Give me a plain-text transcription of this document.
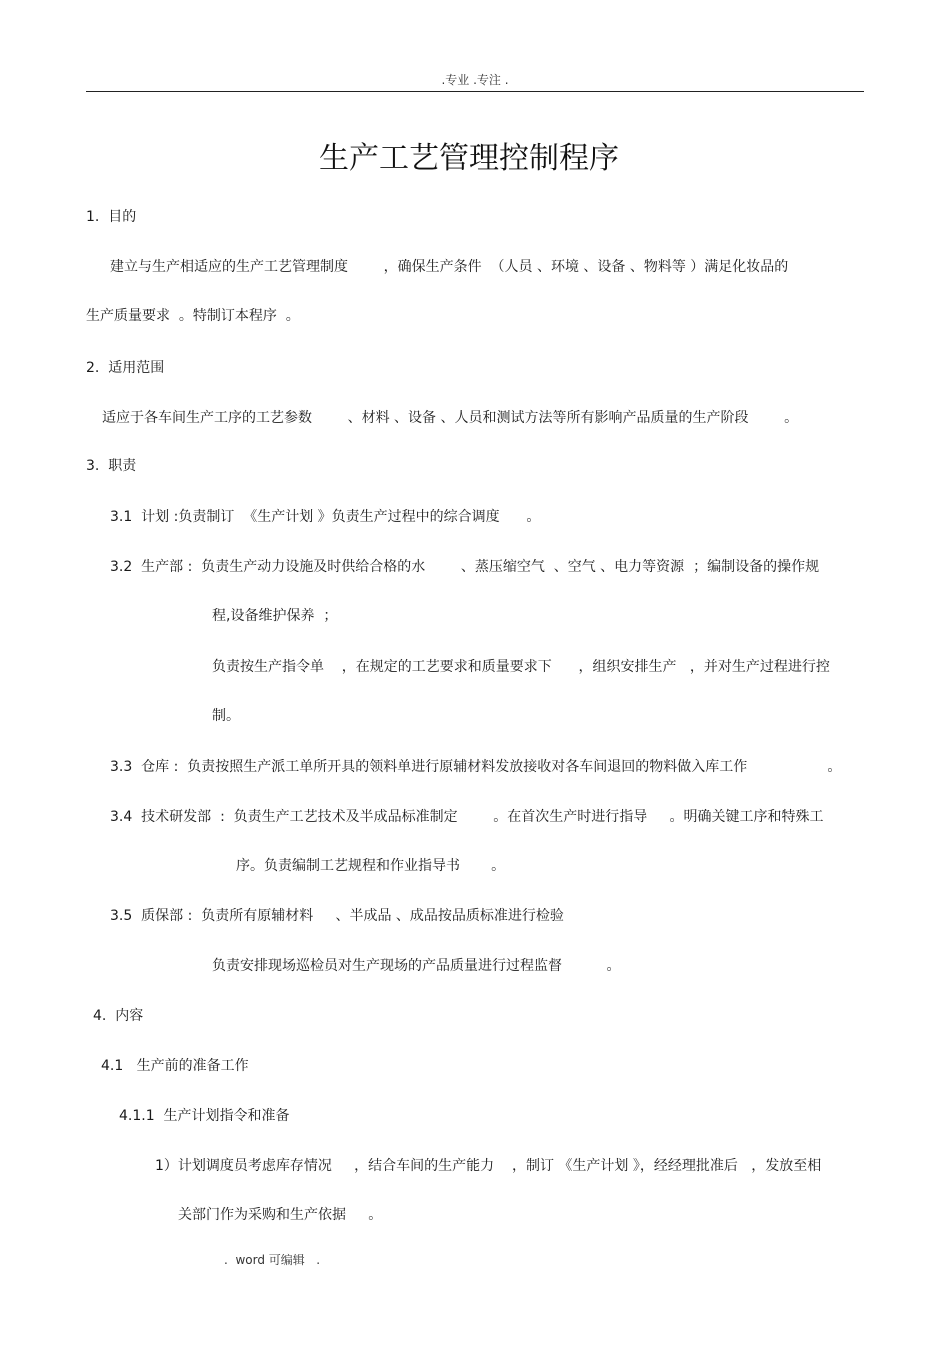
.专业 .专注 .
生产工艺管理控制程序
1.  目的
建立与生产相适应的生产工艺管理制度        ，确保生产条件  （人员 、环境 、设备 、物料等 ）满足化妆品的
生产质量要求  。特制订本程序  。
2.  适用范围
适应于各车间生产工序的工艺参数        、材料 、设备 、人员和测试方法等所有影响产品质量的生产阶段        。
3.  职责
3.1  计划 :负责制订  《生产计划 》负责生产过程中的综合调度      。
3.2  生产部 :  负责生产动力设施及时供给合格的水        、蒸压缩空气  、空气 、电力等资源  ；编制设备的操作规
程,设备维护保养  ；
负责按生产指令单    ，在规定的工艺要求和质量要求下      ，组织安排生产   ，并对生产过程进行控
制。
3.3  仓库 :  负责按照生产派工单所开具的领料单进行原辅材料发放接收对各车间退回的物料做入库工作                  。
3.4  技术研发部  :  负责生产工艺技术及半成品标准制定        。在首次生产时进行指导     。明确关键工序和特殊工
序。负责编制工艺规程和作业指导书       。
3.5  质保部 :  负责所有原辅材料     、半成品 、成品按品质标准进行检验
负责安排现场巡检员对生产现场的产品质量进行过程监督          。
4.  内容
4.1   生产前的准备工作
4.1.1  生产计划指令和准备
1）计划调度员考虑库存情况     ，结合车间的生产能力    ，制订 《生产计划 》，经经理批准后   ，发放至相
关部门作为采购和生产依据     。
.  word 可编辑   .
